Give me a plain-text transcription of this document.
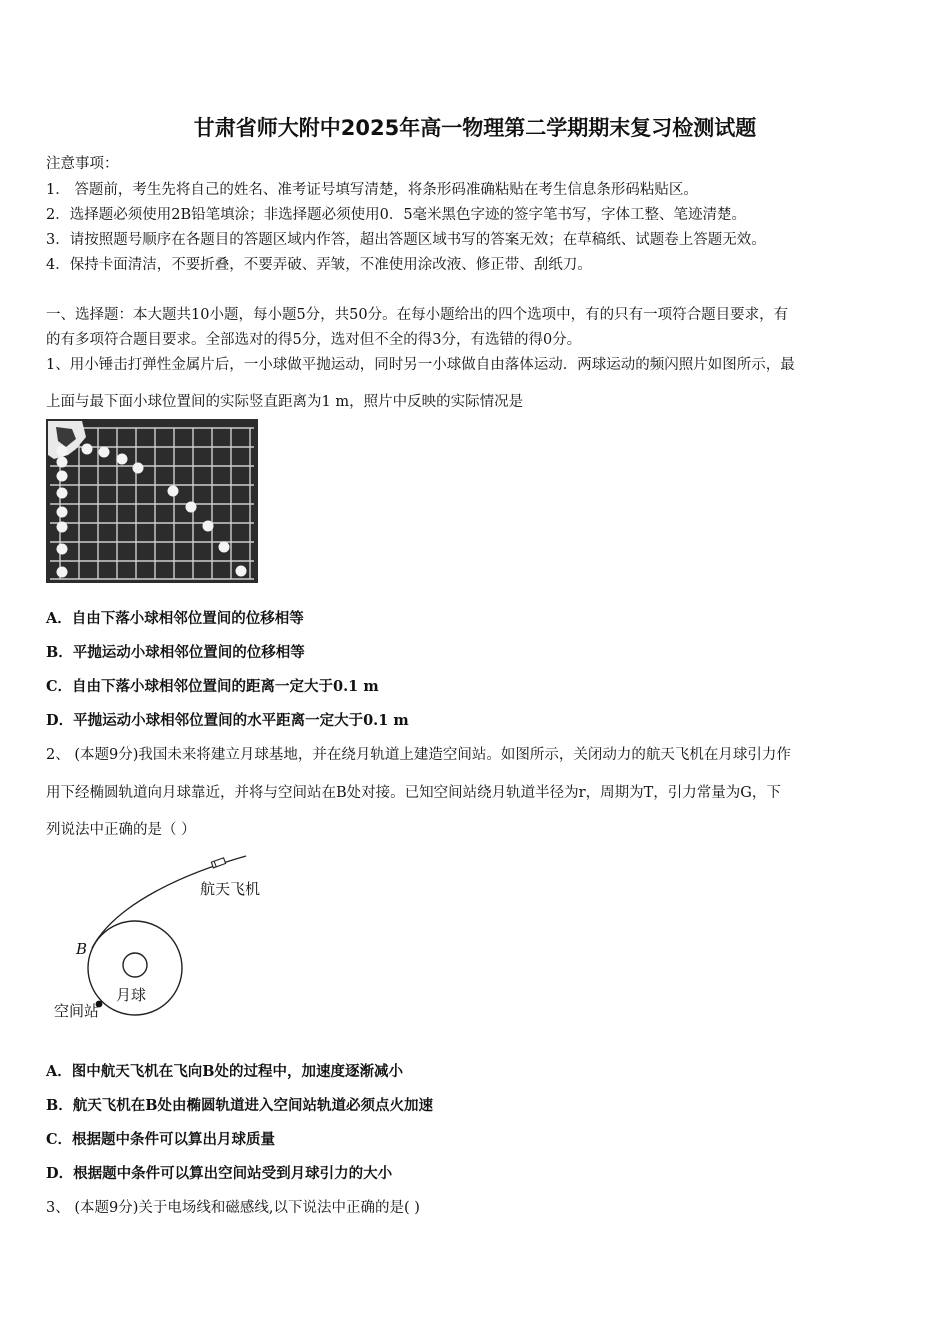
甘肃省师大附中2025年高一物理第二学期期末复习检测试题
注意事项：
1． 答题前，考生先将自己的姓名、准考证号填写清楚，将条形码准确粘贴在考生信息条形码粘贴区。
2．选择题必须使用2B铅笔填涂；非选择题必须使用0．5毫米黑色字迹的签字笔书写，字体工整、笔迹清楚。
3．请按照题号顺序在各题目的答题区域内作答，超出答题区域书写的答案无效；在草稿纸、试题卷上答题无效。
4．保持卡面清洁，不要折叠，不要弄破、弄皱，不准使用涂改液、修正带、刮纸刀。
一、选择题：本大题共10小题，每小题5分，共50分。在每小题给出的四个选项中，有的只有一项符合题目要求，有
的有多项符合题目要求。全部选对的得5分，选对但不全的得3分，有选错的得0分。
1、用小锤击打弹性金属片后，一小球做平抛运动，同时另一小球做自由落体运动．两球运动的频闪照片如图所示，最
上面与最下面小球位置间的实际竖直距离为1 m，照片中反映的实际情况是
A．自由下落小球相邻位置间的位移相等
B．平抛运动小球相邻位置间的位移相等
C．自由下落小球相邻位置间的距离一定大于0.1 m
D．平抛运动小球相邻位置间的水平距离一定大于0.1 m
2、 (本题9分)我国未来将建立月球基地，并在绕月轨道上建造空间站。如图所示，关闭动力的航天飞机在月球引力作
用下经椭圆轨道向月球靠近，并将与空间站在B处对接。已知空间站绕月轨道半径为r，周期为T，引力常量为G，下
列说法中正确的是（ ）
航天飞机
B
月球
空间站
A．图中航天飞机在飞向B处的过程中，加速度逐渐减小
B．航天飞机在B处由椭圆轨道进入空间站轨道必须点火加速
C．根据题中条件可以算出月球质量
D．根据题中条件可以算出空间站受到月球引力的大小
3、 (本题9分)关于电场线和磁感线,以下说法中正确的是( )
